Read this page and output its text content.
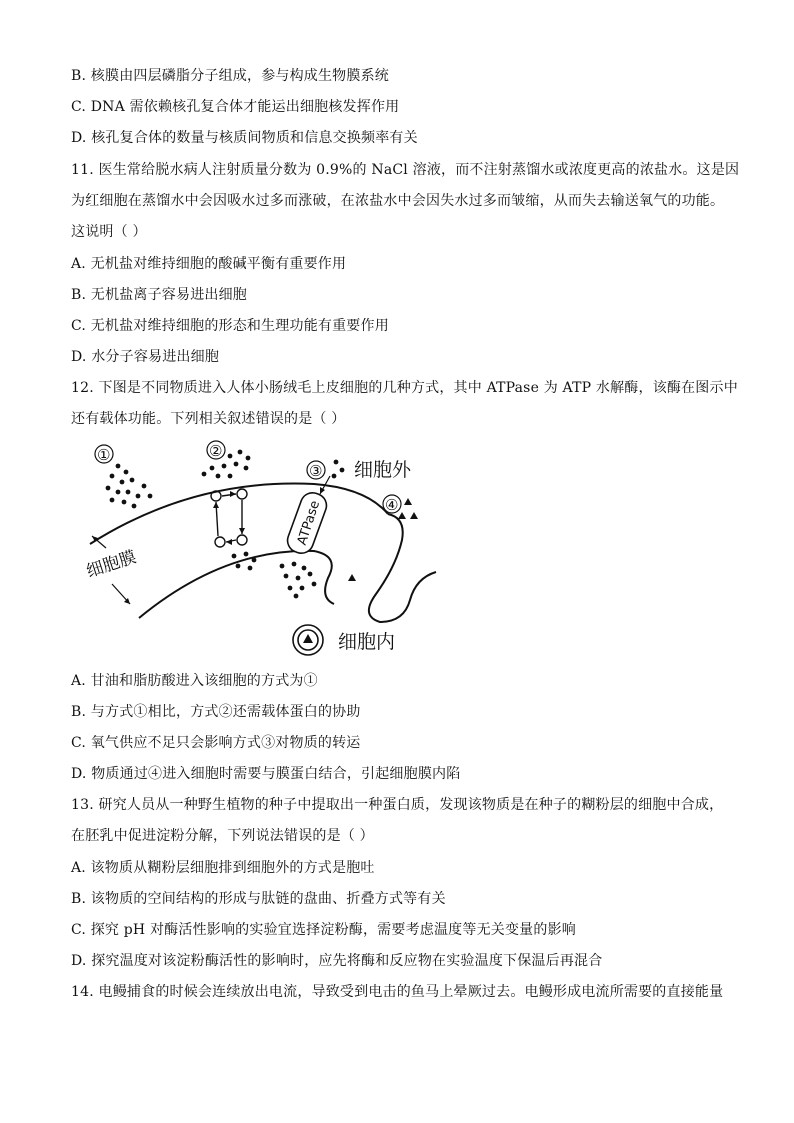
B. 核膜由四层磷脂分子组成，参与构成生物膜系统
C. DNA 需依赖核孔复合体才能运出细胞核发挥作用
D. 核孔复合体的数量与核质间物质和信息交换频率有关
11. 医生常给脱水病人注射质量分数为 0.9%的 NaCl 溶液，而不注射蒸馏水或浓度更高的浓盐水。这是因
为红细胞在蒸馏水中会因吸水过多而涨破，在浓盐水中会因失水过多而皱缩，从而失去输送氧气的功能。
这说明（ ）
A. 无机盐对维持细胞的酸碱平衡有重要作用
B. 无机盐离子容易进出细胞
C. 无机盐对维持细胞的形态和生理功能有重要作用
D. 水分子容易进出细胞
12. 下图是不同物质进入人体小肠绒毛上皮细胞的几种方式，其中 ATPase 为 ATP 水解酶，该酶在图示中
还有载体功能。下列相关叙述错误的是（ ）
①
细胞膜
②
③
ATPase
细胞外
④
细胞内
A. 甘油和脂肪酸进入该细胞的方式为①
B. 与方式①相比，方式②还需载体蛋白的协助
C. 氧气供应不足只会影响方式③对物质的转运
D. 物质通过④进入细胞时需要与膜蛋白结合，引起细胞膜内陷
13. 研究人员从一种野生植物的种子中提取出一种蛋白质，发现该物质是在种子的糊粉层的细胞中合成，
在胚乳中促进淀粉分解，下列说法错误的是（ ）
A. 该物质从糊粉层细胞排到细胞外的方式是胞吐
B. 该物质的空间结构的形成与肽链的盘曲、折叠方式等有关
C. 探究 pH 对酶活性影响的实验宜选择淀粉酶，需要考虑温度等无关变量的影响
D. 探究温度对该淀粉酶活性的影响时，应先将酶和反应物在实验温度下保温后再混合
14. 电鳗捕食的时候会连续放出电流，导致受到电击的鱼马上晕厥过去。电鳗形成电流所需要的直接能量
